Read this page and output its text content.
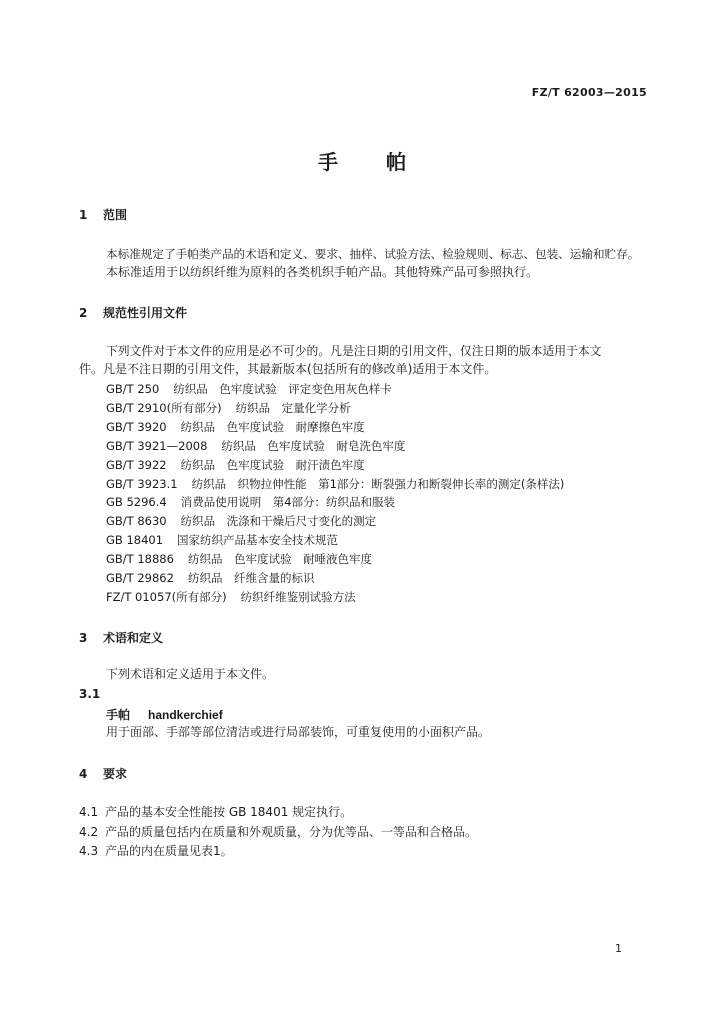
FZ/T 62003—2015
手 帕
1 范围
本标准规定了手帕类产品的术语和定义、要求、抽样、试验方法、检验规则、标志、包装、运输和贮存。
本标准适用于以纺织纤维为原料的各类机织手帕产品。其他特殊产品可参照执行。
2 规范性引用文件
下列文件对于本文件的应用是必不可少的。凡是注日期的引用文件，仅注日期的版本适用于本文
件。凡是不注日期的引用文件，其最新版本(包括所有的修改单)适用于本文件。
GB/T 250 纺织品　色牢度试验　评定变色用灰色样卡
GB/T 2910(所有部分) 纺织品　定量化学分析
GB/T 3920 纺织品　色牢度试验　耐摩擦色牢度
GB/T 3921—2008 纺织品　色牢度试验　耐皂洗色牢度
GB/T 3922 纺织品　色牢度试验　耐汗渍色牢度
GB/T 3923.1 纺织品　织物拉伸性能　第1部分：断裂强力和断裂伸长率的测定(条样法)
GB 5296.4 消费品使用说明　第4部分：纺织品和服装
GB/T 8630 纺织品　洗涤和干燥后尺寸变化的测定
GB 18401 国家纺织产品基本安全技术规范
GB/T 18886 纺织品　色牢度试验　耐唾液色牢度
GB/T 29862 纺织品　纤维含量的标识
FZ/T 01057(所有部分) 纺织纤维鉴别试验方法
3 术语和定义
下列术语和定义适用于本文件。
3.1
手帕 handkerchief
用于面部、手部等部位清洁或进行局部装饰，可重复使用的小面积产品。
4 要求
4.1 产品的基本安全性能按 GB 18401 规定执行。
4.2 产品的质量包括内在质量和外观质量，分为优等品、一等品和合格品。
4.3 产品的内在质量见表1。
1
